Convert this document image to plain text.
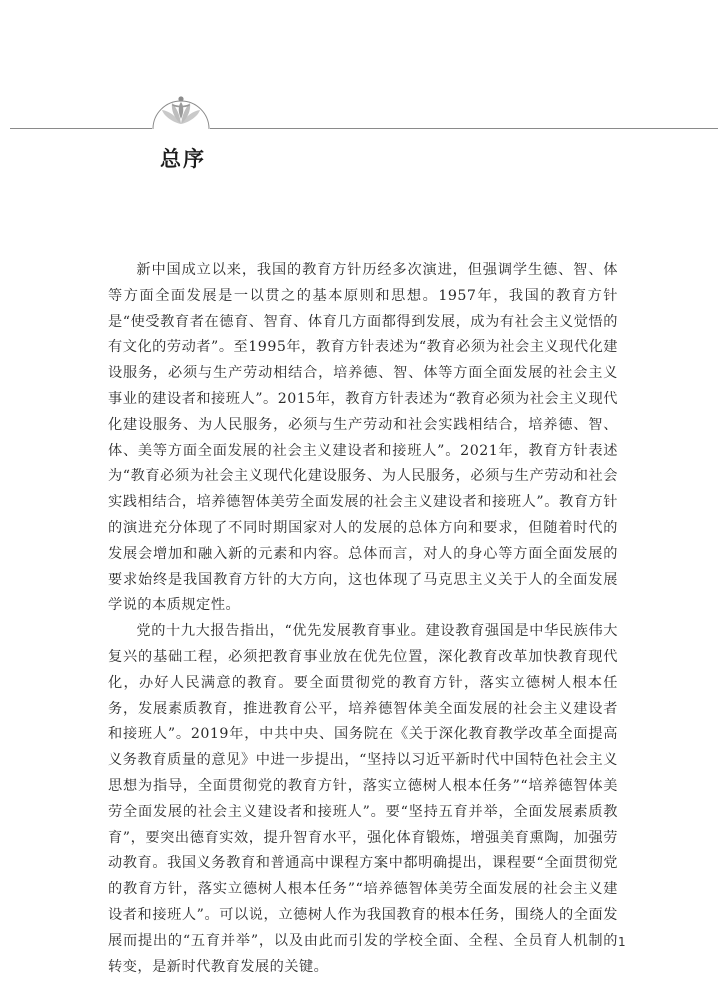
总序

新中国成立以来，我国的教育方针历经多次演进，但强调学生德、智、体等方面全面发展是一以贯之的基本原则和思想。1957年，我国的教育方针是“使受教育者在德育、智育、体育几方面都得到发展，成为有社会主义觉悟的有文化的劳动者”。至1995年，教育方针表述为“教育必须为社会主义现代化建设服务，必须与生产劳动相结合，培养德、智、体等方面全面发展的社会主义事业的建设者和接班人”。2015年，教育方针表述为“教育必须为社会主义现代化建设服务、为人民服务，必须与生产劳动和社会实践相结合，培养德、智、体、美等方面全面发展的社会主义建设者和接班人”。2021年，教育方针表述为“教育必须为社会主义现代化建设服务、为人民服务，必须与生产劳动和社会实践相结合，培养德智体美劳全面发展的社会主义建设者和接班人”。教育方针的演进充分体现了不同时期国家对人的发展的总体方向和要求，但随着时代的发展会增加和融入新的元素和内容。总体而言，对人的身心等方面全面发展的要求始终是我国教育方针的大方向，这也体现了马克思主义关于人的全面发展学说的本质规定性。

党的十九大报告指出，“优先发展教育事业。建设教育强国是中华民族伟大复兴的基础工程，必须把教育事业放在优先位置，深化教育改革加快教育现代化，办好人民满意的教育。要全面贯彻党的教育方针，落实立德树人根本任务，发展素质教育，推进教育公平，培养德智体美全面发展的社会主义建设者和接班人”。2019年，中共中央、国务院在《关于深化教育教学改革全面提高义务教育质量的意见》中进一步提出，“坚持以习近平新时代中国特色社会主义思想为指导，全面贯彻党的教育方针，落实立德树人根本任务”“培养德智体美劳全面发展的社会主义建设者和接班人”。要“坚持五育并举，全面发展素质教育”，要突出德育实效，提升智育水平，强化体育锻炼，增强美育熏陶，加强劳动教育。我国义务教育和普通高中课程方案中都明确提出，课程要“全面贯彻党的教育方针，落实立德树人根本任务”“培养德智体美劳全面发展的社会主义建设者和接班人”。可以说，立德树人作为我国教育的根本任务，围绕人的全面发展而提出的“五育并举”，以及由此而引发的学校全面、全程、全员育人机制的转变，是新时代教育发展的关键。

1
